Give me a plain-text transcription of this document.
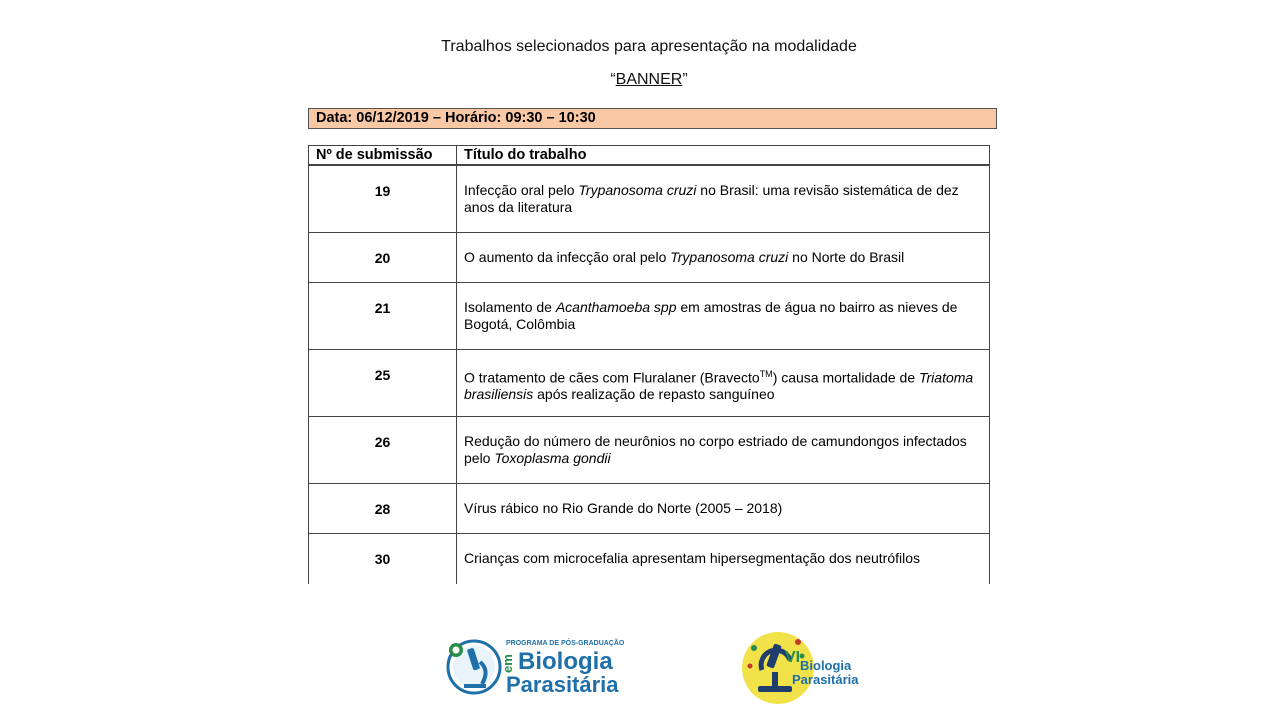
Trabalhos selecionados para apresentação na modalidade
“BANNER”
Data: 06/12/2019 – Horário: 09:30 – 10:30
Nº de submissão	Título do trabalho
19	Infecção oral pelo Trypanosoma cruzi no Brasil: uma revisão sistemática de dez anos da literatura
20	O aumento da infecção oral pelo Trypanosoma cruzi no Norte do Brasil
21	Isolamento de Acanthamoeba spp em amostras de água no bairro as nieves de Bogotá, Colômbia
25	O tratamento de cães com Fluralaner (Bravecto™) causa mortalidade de Triatoma brasiliensis após realização de repasto sanguíneo
26	Redução do número de neurônios no corpo estriado de camundongos infectados pelo Toxoplasma gondii
28	Vírus rábico no Rio Grande do Norte (2005 – 2018)
30	Crianças com microcefalia apresentam hipersegmentação dos neutrófilos
PROGRAMA DE PÓS-GRADUAÇÃO
em Biologia
Parasitária
VI Biologia
Parasitária
